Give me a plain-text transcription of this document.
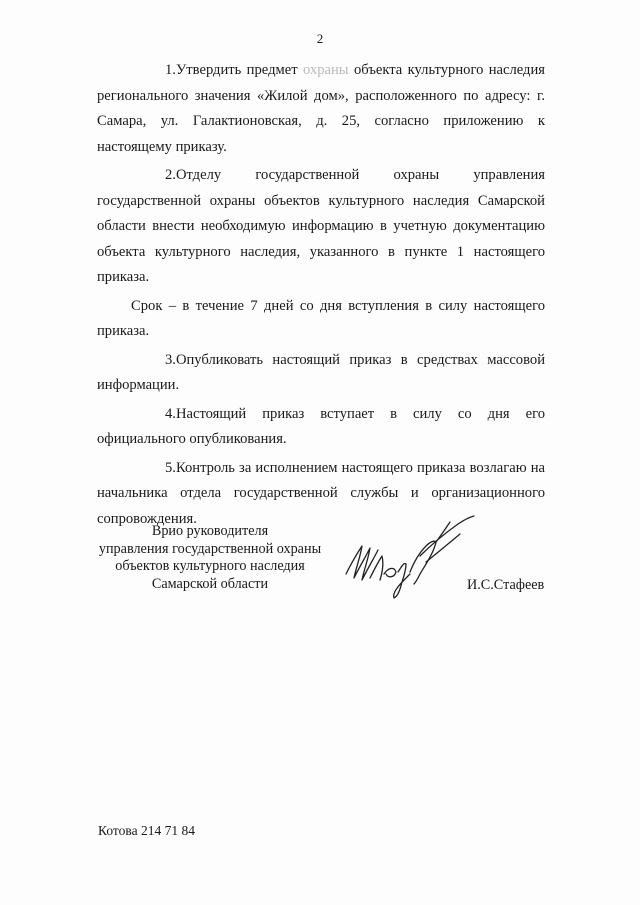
2

1.Утвердить предмет охраны объекта культурного наследия регионального значения «Жилой дом», расположенного по адресу: г. Самара, ул. Галактионовская, д. 25, согласно приложению к настоящему приказу.

2.Отделу государственной охраны управления государственной охраны объектов культурного наследия Самарской области внести необходимую информацию в учетную документацию объекта культурного наследия, указанного в пункте 1 настоящего приказа.

Срок – в течение 7 дней со дня вступления в силу настоящего приказа.

3.Опубликовать настоящий приказ в средствах массовой информации.

4.Настоящий приказ вступает в силу со дня его официального опубликования.

5.Контроль за исполнением настоящего приказа возлагаю на начальника отдела государственной службы и организационного сопровождения.

Врио руководителя
управления государственной охраны
объектов культурного наследия
Самарской области	И.С.Стафеев
Котова 214 71 84
